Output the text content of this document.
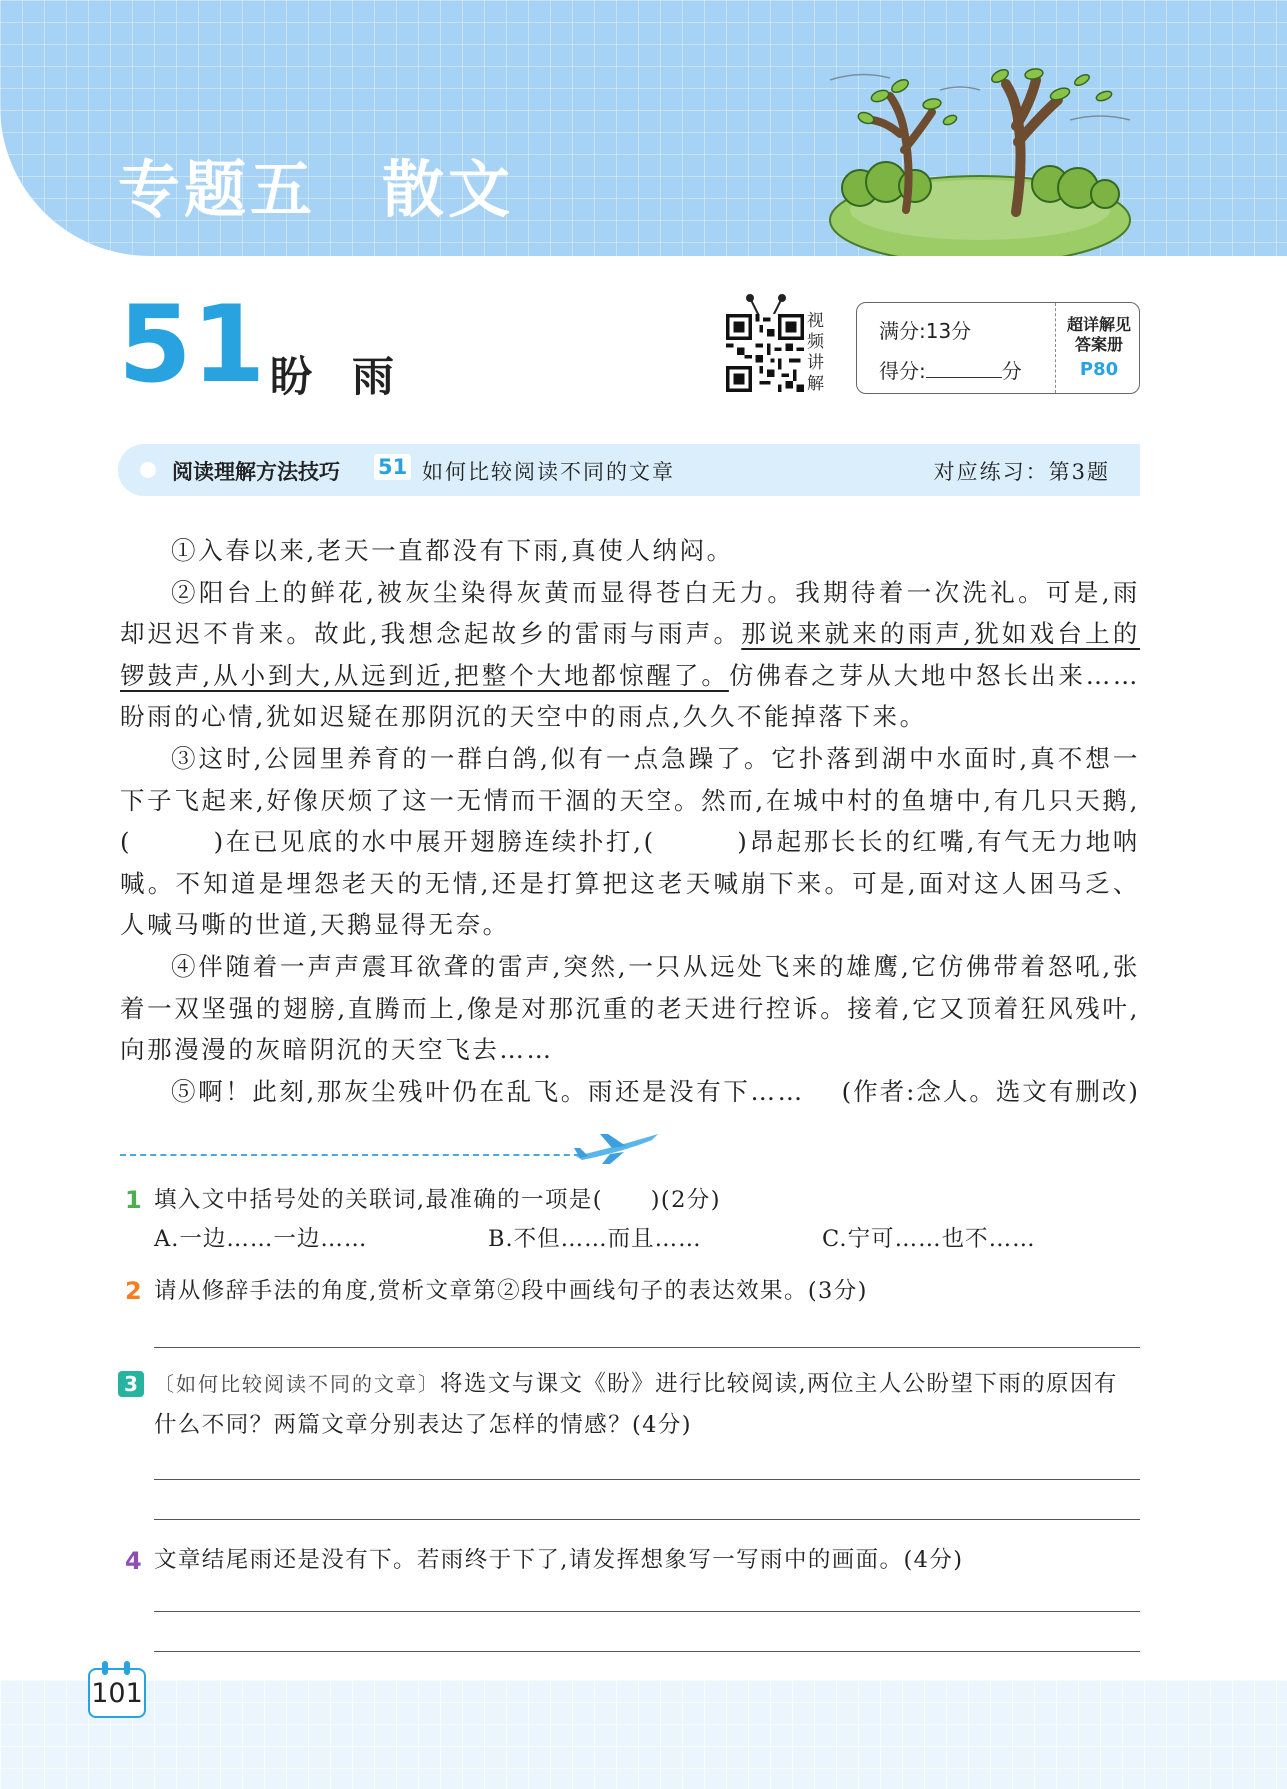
专题五　散文
51 盼雨
视频讲解
满分:13分
得分:	分
超详解见答案册
P80
阅读理解方法技巧 51 如何比较阅读不同的文章	对应练习：第3题

①入春以来,老天一直都没有下雨,真使人纳闷。

②阳台上的鲜花,被灰尘染得灰黄而显得苍白无力。我期待着一次洗礼。可是,雨却迟迟不肯来。故此,我想念起故乡的雷雨与雨声。那说来就来的雨声,犹如戏台上的锣鼓声,从小到大,从远到近,把整个大地都惊醒了。仿佛春之芽从大地中怒长出来……盼雨的心情,犹如迟疑在那阴沉的天空中的雨点,久久不能掉落下来。

③这时,公园里养育的一群白鸽,似有一点急躁了。它扑落到湖中水面时,真不想一下子飞起来,好像厌烦了这一无情而干涸的天空。然而,在城中村的鱼塘中,有几只天鹅,(　　　)在已见底的水中展开翅膀连续扑打,(　　　)昂起那长长的红嘴,有气无力地呐喊。不知道是埋怨老天的无情,还是打算把这老天喊崩下来。可是,面对这人困马乏、人喊马嘶的世道,天鹅显得无奈。

④伴随着一声声震耳欲聋的雷声,突然,一只从远处飞来的雄鹰,它仿佛带着怒吼,张着一双坚强的翅膀,直腾而上,像是对那沉重的老天进行控诉。接着,它又顶着狂风残叶,向那漫漫的灰暗阴沉的天空飞去……

⑤啊！此刻,那灰尘残叶仍在乱飞。雨还是没有下…… (作者:念人。选文有删改)

1 填入文中括号处的关联词,最准确的一项是(　　)(2分)
A.一边……一边……	B.不但……而且……	C.宁可……也不……
2 请从修辞手法的角度,赏析文章第②段中画线句子的表达效果。(3分)
3 〔如何比较阅读不同的文章〕将选文与课文《盼》进行比较阅读,两位主人公盼望下雨的原因有什么不同？两篇文章分别表达了怎样的情感？(4分)
4 文章结尾雨还是没有下。若雨终于下了,请发挥想象写一写雨中的画面。(4分)
101
